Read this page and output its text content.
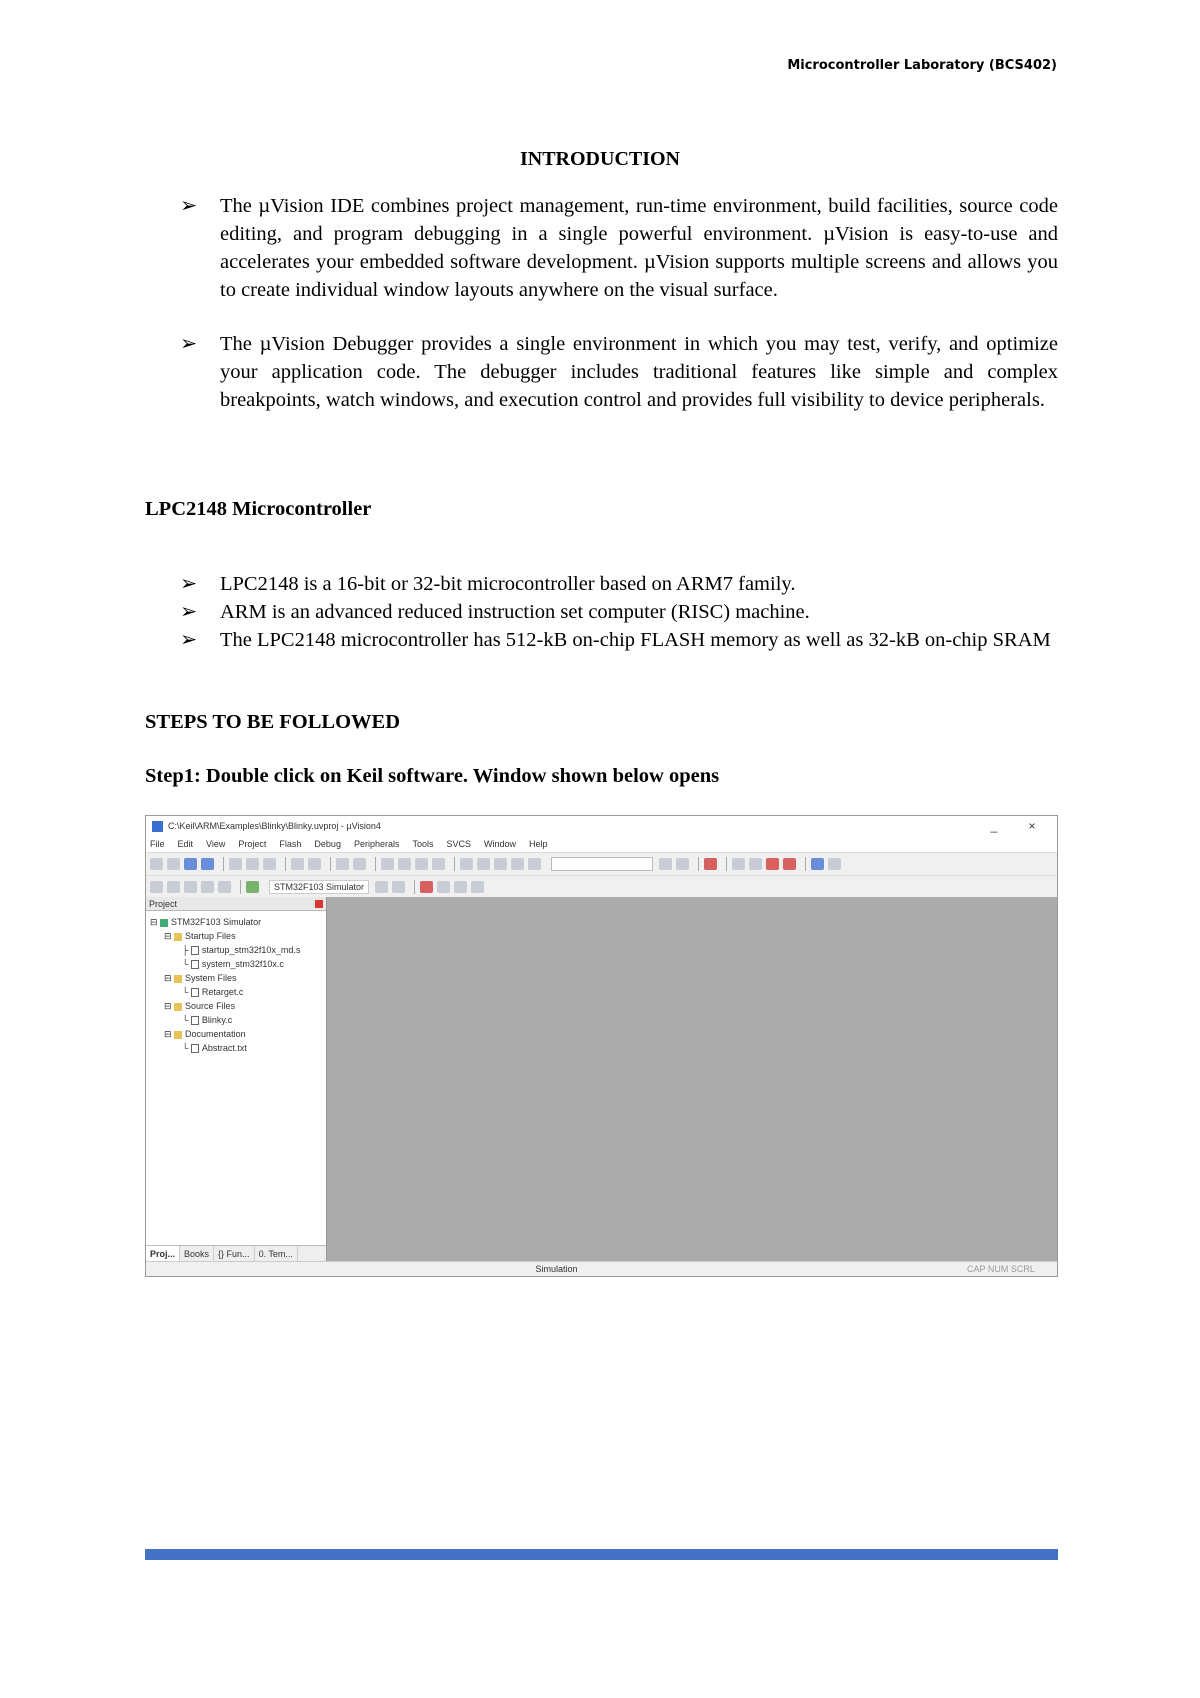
Microcontroller Laboratory (BCS402)
INTRODUCTION
➢ The µVision IDE combines project management, run-time environment, build facilities, source code editing, and program debugging in a single powerful environment. µVision is easy-to-use and accelerates your embedded software development. µVision supports multiple screens and allows you to create individual window layouts anywhere on the visual surface.
➢ The µVision Debugger provides a single environment in which you may test, verify, and optimize your application code. The debugger includes traditional features like simple and complex breakpoints, watch windows, and execution control and provides full visibility to device peripherals.
LPC2148 Microcontroller
➢ LPC2148 is a 16-bit or 32-bit microcontroller based on ARM7 family.
➢ ARM is an advanced reduced instruction set computer (RISC) machine.
➢ The LPC2148 microcontroller has 512-kB on-chip FLASH memory as well as 32-kB on-chip SRAM
STEPS TO BE FOLLOWED
Step1: Double click on Keil software. Window shown below opens
C:\Keil\ARM\Examples\Blinky\Blinky.uvproj - µVision4	_	×
File Edit View Project Flash Debug Peripherals Tools SVCS Window Help
STM32F103 Simulator
Project
⊟ STM32F103 Simulator
⊟ Startup Files
├ startup_stm32f10x_md.s
└ system_stm32f10x.c
⊟ System Files
└ Retarget.c
⊟ Source Files
└ Blinky.c
⊟ Documentation
└ Abstract.txt
Proj...	Books	{} Fun...	0. Tem...
Simulation	CAP NUM SCRL
